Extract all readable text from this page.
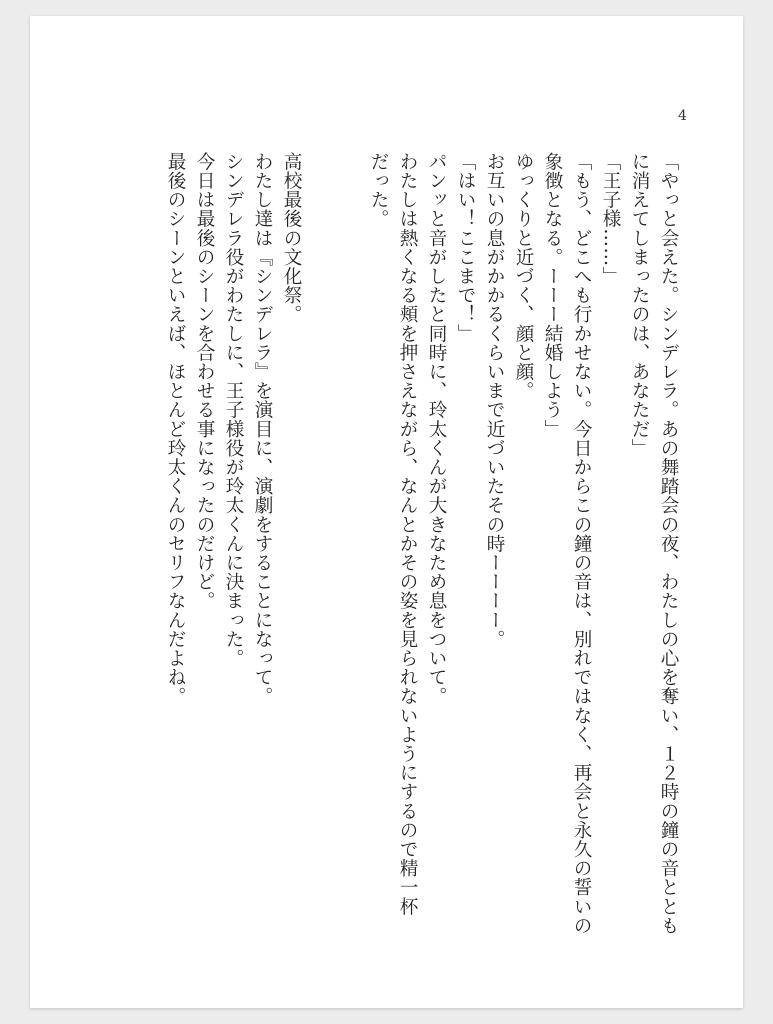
4
「やっと会えた。シンデレラ。あの舞踏会の夜、わたしの心を奪い、１２時の鐘の音ととも
に消えてしまったのは、あなただ」
「王子様……」
「もう、どこへも行かせない。今日からこの鐘の音は、別れではなく、再会と永久の誓いの
象徴となる。ーーー結婚しよう」
ゆっくりと近づく、顔と顔。
お互いの息がかかるくらいまで近づいたその時ーーーー。
「はい！ここまで！」
パンッと音がしたと同時に、玲太くんが大きなため息をついて。
わたしは熱くなる頬を押さえながら、なんとかその姿を見られないようにするので精一杯
だった。
高校最後の文化祭。
わたし達は『シンデレラ』を演目に、演劇をすることになって。
シンデレラ役がわたしに、王子様役が玲太くんに決まった。
今日は最後のシーンを合わせる事になったのだけど。
最後のシーンといえば、ほとんど玲太くんのセリフなんだよね。
